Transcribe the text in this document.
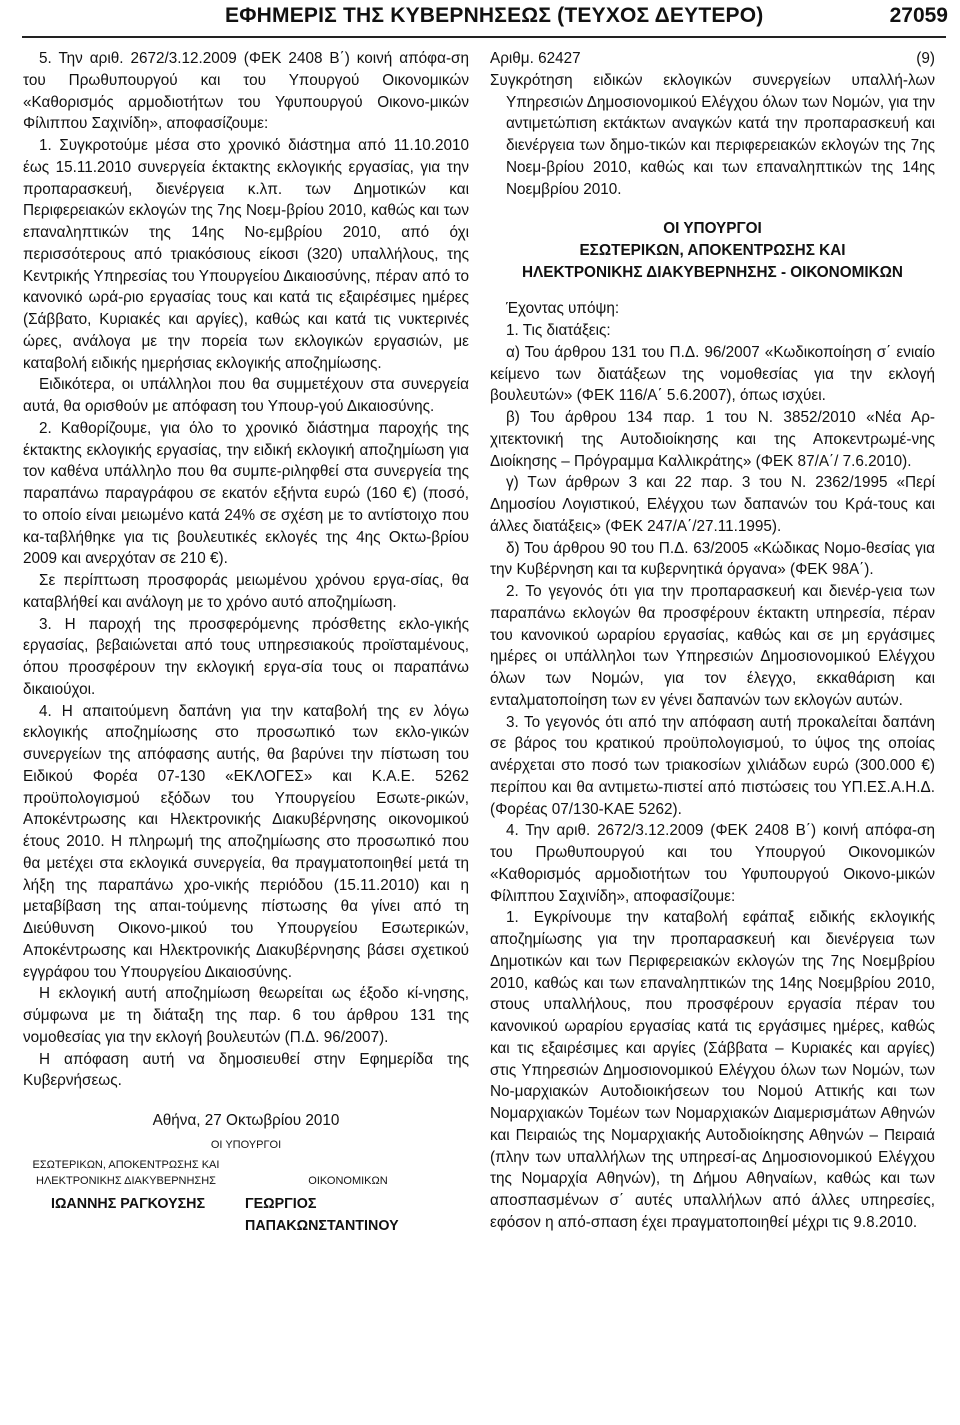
ΕΦΗΜΕΡΙΣ ΤΗΣ ΚΥΒΕΡΝΗΣΕΩΣ (ΤΕΥΧΟΣ ΔΕΥΤΕΡΟ)	27059

5. Την αριθ. 2672/3.12.2009 (ΦΕΚ 2408 Β΄) κοινή απόφα-ση του Πρωθυπουργού και του Υπουργού Οικονομικών «Καθορισμός αρμοδιοτήτων του Υφυπουργού Οικονο-μικών Φίλιππου Σαχινίδη», αποφασίζουμε:

1. Συγκροτούμε μέσα στο χρονικό διάστημα από 11.10.2010 έως 15.11.2010 συνεργεία έκτακτης εκλογικής εργασίας, για την προπαρασκευή, διενέργεια κ.λπ. των Δημοτικών και Περιφερειακών εκλογών της 7ης Νοεμ-βρίου 2010, καθώς και των επαναληπτικών της 14ης Νο-εμβρίου 2010, από όχι περισσότερους από τριακόσιους είκοσι (320) υπαλλήλους, της Κεντρικής Υπηρεσίας του Υπουργείου Δικαιοσύνης, πέραν από το κανονικό ωρά-ριο εργασίας τους και κατά τις εξαιρέσιμες ημέρες (Σάββατο, Κυριακές και αργίες), καθώς και κατά τις νυκτερινές ώρες, ανάλογα με την πορεία των εκλογικών εργασιών, με καταβολή ειδικής ημερήσιας εκλογικής αποζημίωσης.

Ειδικότερα, οι υπάλληλοι που θα συμμετέχουν στα συνεργεία αυτά, θα ορισθούν με απόφαση του Υπουρ-γού Δικαιοσύνης.

2. Καθορίζουμε, για όλο το χρονικό διάστημα παροχής της έκτακτης εκλογικής εργασίας, την ειδική εκλογική αποζημίωση για τον καθένα υπάλληλο που θα συμπε-ριληφθεί στα συνεργεία της παραπάνω παραγράφου σε εκατόν εξήντα ευρώ (160 €) (ποσό, το οποίο είναι μειωμένο κατά 24% σε σχέση με το αντίστοιχο που κα-ταβλήθηκε για τις βουλευτικές εκλογές της 4ης Οκτω-βρίου 2009 και ανερχόταν σε 210 €).

Σε περίπτωση προσφοράς μειωμένου χρόνου εργα-σίας, θα καταβλήθεί και ανάλογη με το χρόνο αυτό αποζημίωση.

3. Η παροχή της προσφερόμενης πρόσθετης εκλο-γικής εργασίας, βεβαιώνεται από τους υπηρεσιακούς προϊσταμένους, όπου προσφέρουν την εκλογική εργα-σία τους οι παραπάνω δικαιούχοι.

4. Η απαιτούμενη δαπάνη για την καταβολή της εν λόγω εκλογικής αποζημίωσης στο προσωπικό των εκλο-γικών συνεργείων της απόφασης αυτής, θα βαρύνει την πίστωση του Ειδικού Φορέα 07-130 «ΕΚΛΟΓΕΣ» και Κ.Α.Ε. 5262 προϋπολογισμού εξόδων του Υπουργείου Εσωτε-ρικών, Αποκέντρωσης και Ηλεκτρονικής Διακυβέρνησης οικονομικού έτους 2010. Η πληρωμή της αποζημίωσης στο προσωπικό που θα μετέχει στα εκλογικά συνεργεία, θα πραγματοποιηθεί μετά τη λήξη της παραπάνω χρο-νικής περιόδου (15.11.2010) και η μεταβίβαση της απαι-τούμενης πίστωσης θα γίνει από τη Διεύθυνση Οικονο-μικού του Υπουργείου Εσωτερικών, Αποκέντρωσης και Ηλεκτρονικής Διακυβέρνησης βάσει σχετικού εγγράφου του Υπουργείου Δικαιοσύνης.

Η εκλογική αυτή αποζημίωση θεωρείται ως έξοδο κί-νησης, σύμφωνα με τη διάταξη της παρ. 6 του άρθρου 131 της νομοθεσίας για την εκλογή βουλευτών (Π.Δ. 96/2007).

Η απόφαση αυτή να δημοσιευθεί στην Εφημερίδα της Κυβερνήσεως.

Αθήνα, 27 Οκτωβρίου 2010
ΟΙ ΥΠΟΥΡΓΟΙ
ΕΣΩΤΕΡΙΚΩΝ, ΑΠΟΚΕΝΤΡΩΣΗΣ ΚΑΙ
ΗΛΕΚΤΡΟΝΙΚΗΣ ΔΙΑΚΥΒΕΡΝΗΣΗΣ	ΟΙΚΟΝΟΜΙΚΩΝ
ΙΩΑΝΝΗΣ ΡΑΓΚΟΥΣΗΣ	ΓΕΩΡΓΙΟΣ ΠΑΠΑΚΩΝΣΤΑΝΤΙΝΟΥ
Αριθμ. 62427	(9)

Συγκρότηση ειδικών εκλογικών συνεργείων υπαλλή-λων Υπηρεσιών Δημοσιονομικού Ελέγχου όλων των Νομών, για την αντιμετώπιση εκτάκτων αναγκών κατά την προπαρασκευή και διενέργεια των δημο-τικών και περιφερειακών εκλογών της 7ης Νοεμ-βρίου 2010, καθώς και των επαναληπτικών της 14ης Νοεμβρίου 2010.

ΟΙ ΥΠΟΥΡΓΟΙ
ΕΣΩΤΕΡΙΚΩΝ, ΑΠΟΚΕΝΤΡΩΣΗΣ ΚΑΙ
ΗΛΕΚΤΡΟΝΙΚΗΣ ΔΙΑΚΥΒΕΡΝΗΣΗΣ - ΟΙΚΟΝΟΜΙΚΩΝ

Έχοντας υπόψη:

1. Τις διατάξεις:

α) Του άρθρου 131 του Π.Δ. 96/2007 «Κωδικοποίηση σ΄ ενιαίο κείμενο των διατάξεων της νομοθεσίας για την εκλογή βουλευτών» (ΦΕΚ 116/Α΄ 5.6.2007), όπως ισχύει.

β) Του άρθρου 134 παρ. 1 του Ν. 3852/2010 «Νέα Αρ-χιτεκτονική της Αυτοδιοίκησης και της Αποκεντρωμέ-νης Διοίκησης – Πρόγραμμα Καλλικράτης» (ΦΕΚ 87/Α΄/ 7.6.2010).

γ) Των άρθρων 3 και 22 παρ. 3 του Ν. 2362/1995 «Περί Δημοσίου Λογιστικού, Ελέγχου των δαπανών του Κρά-τους και άλλες διατάξεις» (ΦΕΚ 247/Α΄/27.11.1995).

δ) Του άρθρου 90 του Π.Δ. 63/2005 «Κώδικας Νομο-θεσίας για την Κυβέρνηση και τα κυβερνητικά όργανα» (ΦΕΚ 98Α΄).

2. Το γεγονός ότι για την προπαρασκευή και διενέρ-γεια των παραπάνω εκλογών θα προσφέρουν έκτακτη υπηρεσία, πέραν του κανονικού ωραρίου εργασίας, καθώς και σε μη εργάσιμες ημέρες οι υπάλληλοι των Υπηρεσιών Δημοσιονομικού Ελέγχου όλων των Νομών, για τον έλεγχο, εκκαθάριση και ενταλματοποίηση των εν γένει δαπανών των εκλογών αυτών.

3. Το γεγονός ότι από την απόφαση αυτή προκαλείται δαπάνη σε βάρος του κρατικού προϋπολογισμού, το ύψος της οποίας ανέρχεται στο ποσό των τριακοσίων χιλιάδων ευρώ (300.000 €) περίπου και θα αντιμετω-πιστεί από πιστώσεις του ΥΠ.ΕΣ.Α.Η.Δ. (Φορέας 07/130-ΚΑΕ 5262).

4. Την αριθ. 2672/3.12.2009 (ΦΕΚ 2408 Β΄) κοινή απόφα-ση του Πρωθυπουργού και του Υπουργού Οικονομικών «Καθορισμός αρμοδιοτήτων του Υφυπουργού Οικονο-μικών Φίλιππου Σαχινίδη», αποφασίζουμε:

1. Εγκρίνουμε την καταβολή εφάπαξ ειδικής εκλογικής αποζημίωσης για την προπαρασκευή και διενέργεια των Δημοτικών και των Περιφερειακών εκλογών της 7ης Νοεμβρίου 2010, καθώς και των επαναληπτικών της 14ης Νοεμβρίου 2010, στους υπαλλήλους, που προσφέρουν εργασία πέραν του κανονικού ωραρίου εργασίας κατά τις εργάσιμες ημέρες, καθώς και τις εξαιρέσιμες και αργίες (Σάββατα – Κυριακές και αργίες) στις Υπηρεσιών Δημοσιονομικού Ελέγχου όλων των Νομών, των Νο-μαρχιακών Αυτοδιοικήσεων του Νομού Αττικής και των Νομαρχιακών Τομέων των Νομαρχιακών Διαμερισμάτων Αθηνών και Πειραιώς της Νομαρχιακής Αυτοδιοίκησης Αθηνών – Πειραιά (πλην των υπαλλήλων της υπηρεσί-ας Δημοσιονομικού Ελέγχου της Νομαρχία Αθηνών), τη Δήμου Αθηναίων, καθώς και των αποσπασμένων σ΄ αυτές υπαλλήλων από άλλες υπηρεσίες, εφόσον η από-σπαση έχει πραγματοποιηθεί μέχρι τις 9.8.2010.
